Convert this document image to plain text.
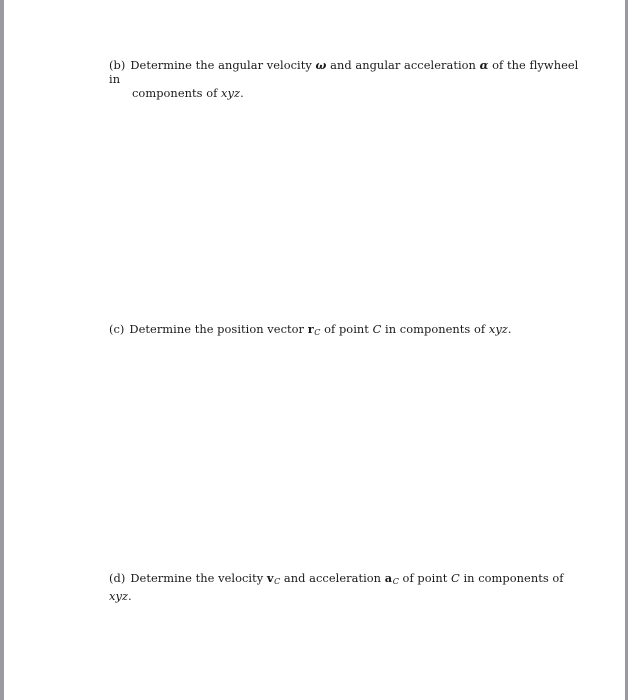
(b) Determine the angular velocity ω and angular acceleration α of the flywheel in
components of xyz.
(c) Determine the position vector $r_C$ of point C in components of xyz.
(d) Determine the velocity $v_C$ and acceleration $a_C$ of point C in components of xyz.
